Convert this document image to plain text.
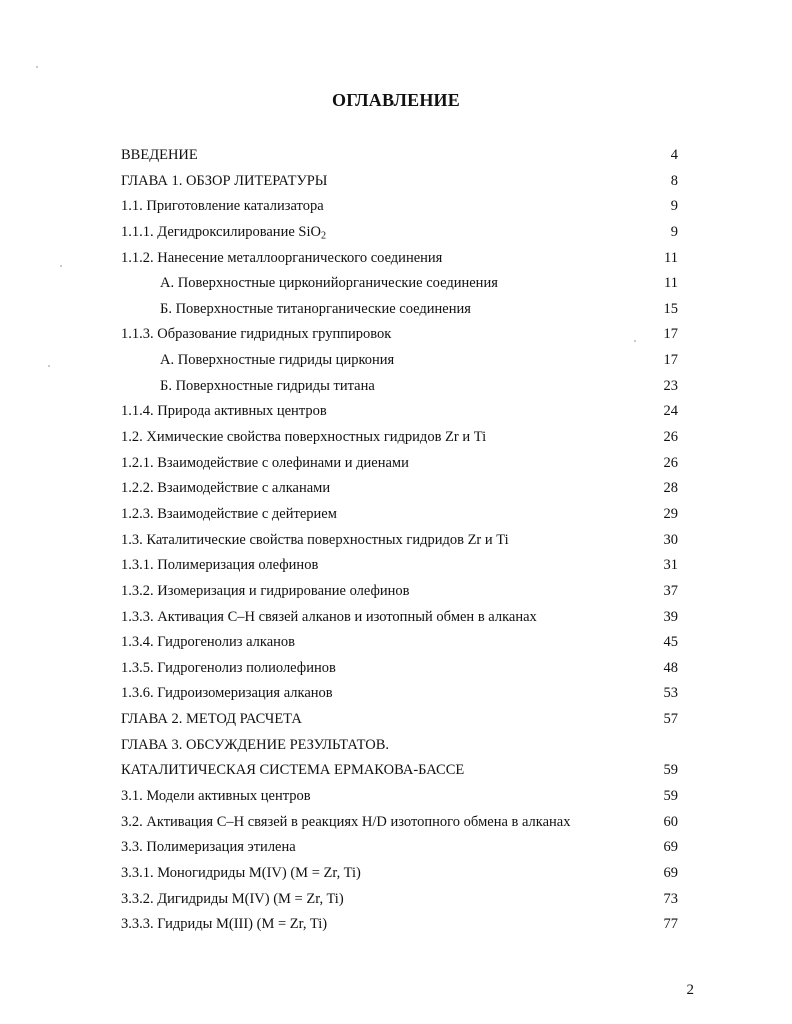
ОГЛАВЛЕНИЕ
ВВЕДЕНИЕ	4
ГЛАВА 1. ОБЗОР ЛИТЕРАТУРЫ	8
1.1. Приготовление катализатора	9
1.1.1. Дегидроксилирование SiO$_2$	9
1.1.2. Нанесение металлоорганического соединения	11
А. Поверхностные цирконийорганические соединения	11
Б. Поверхностные титанорганические соединения	15
1.1.3. Образование гидридных группировок	17
А. Поверхностные гидриды циркония	17
Б. Поверхностные гидриды титана	23
1.1.4. Природа активных центров	24
1.2. Химические свойства поверхностных гидридов Zr и Ti	26
1.2.1. Взаимодействие с олефинами и диенами	26
1.2.2. Взаимодействие с алканами	28
1.2.3. Взаимодействие с дейтерием	29
1.3. Каталитические свойства поверхностных гидридов Zr и Ti	30
1.3.1. Полимеризация олефинов	31
1.3.2. Изомеризация и гидрирование олефинов	37
1.3.3. Активация С–Н связей алканов и изотопный обмен в алканах	39
1.3.4. Гидрогенолиз алканов	45
1.3.5. Гидрогенолиз полиолефинов	48
1.3.6. Гидроизомеризация алканов	53
ГЛАВА 2. МЕТОД РАСЧЕТА	57
ГЛАВА 3. ОБСУЖДЕНИЕ РЕЗУЛЬТАТОВ.
КАТАЛИТИЧЕСКАЯ СИСТЕМА ЕРМАКОВА-БАССЕ	59
3.1. Модели активных центров	59
3.2. Активация С–Н связей в реакциях H/D изотопного обмена в алканах	60
3.3. Полимеризация этилена	69
3.3.1. Моногидриды M(IV) (M = Zr, Ti)	69
3.3.2. Дигидриды M(IV) (M = Zr, Ti)	73
3.3.3. Гидриды M(III) (M = Zr, Ti)	77
2
